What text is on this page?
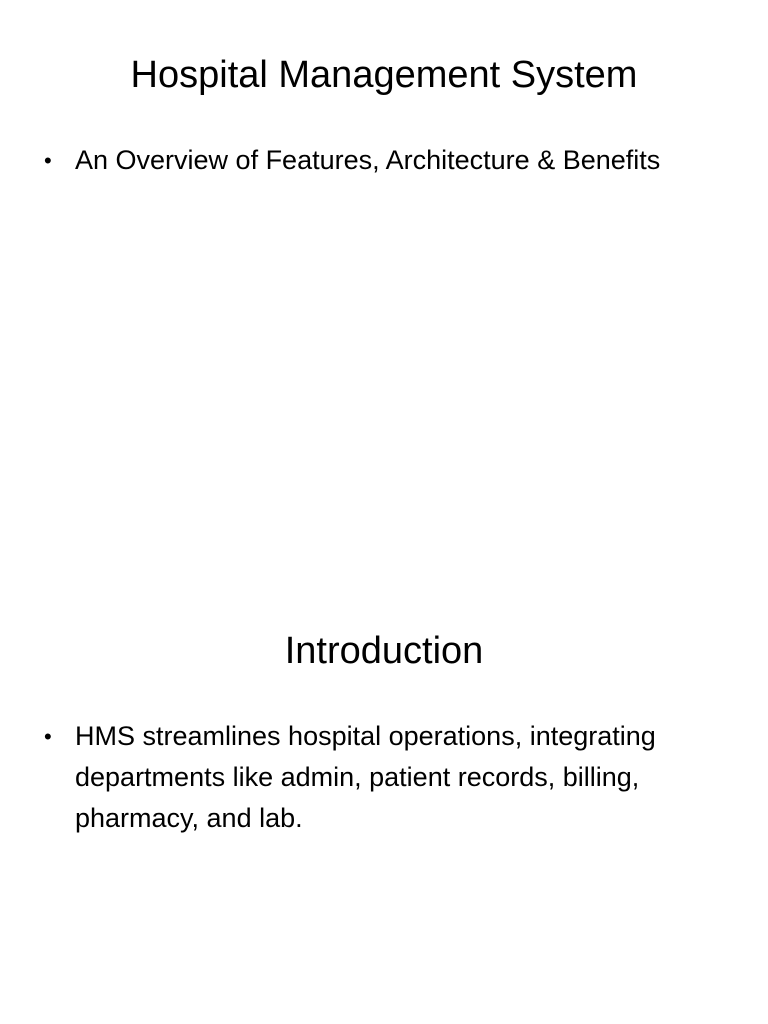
Hospital Management System
• An Overview of Features, Architecture & Benefits
Introduction
• HMS streamlines hospital operations, integrating departments like admin, patient records, billing, pharmacy, and lab.
